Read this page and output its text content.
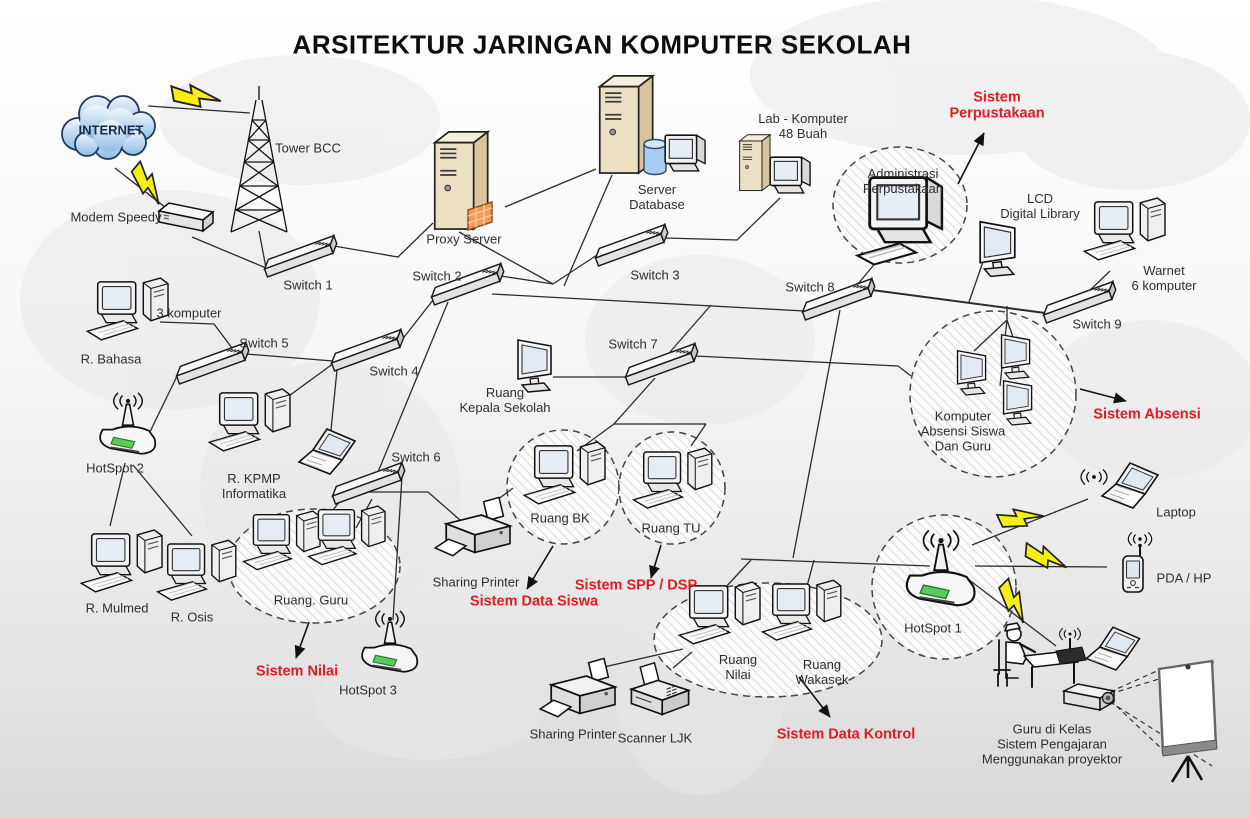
ARSITEKTUR JARINGAN KOMPUTER SEKOLAH
INTERNET
Tower BCC
Modem Speedy
Switch 1
Proxy Server
Server
Database
Switch 2	Switch 3
Lab - Komputer
48 Buah
Sistem
Perpustakaan
Administrasi
Perpustakaan
LCD
Digital Library
Warnet
6 komputer
Switch 8
Switch 9
3 komputer
R. Bahasa
Switch 5
Switch 4
HotSpot 2
R. KPMP
Informatika
Ruang
Kepala Sekolah
Switch 7
Switch 6
Ruang BK
Ruang TU
Sharing Printer
Sistem Data Siswa
Sistem SPP / DSP
R. Mulmed
R. Osis
Ruang. Guru
Sistem Nilai
HotSpot 3
Komputer
Absensi Siswa
Dan Guru
Sistem Absensi
Laptop
PDA / HP
HotSpot 1
Ruang
Nilai
Ruang
Wakasek
Sistem Data Kontrol
Sharing Printer Scanner LJK
Guru di Kelas
Sistem Pengajaran
Menggunakan proyektor
